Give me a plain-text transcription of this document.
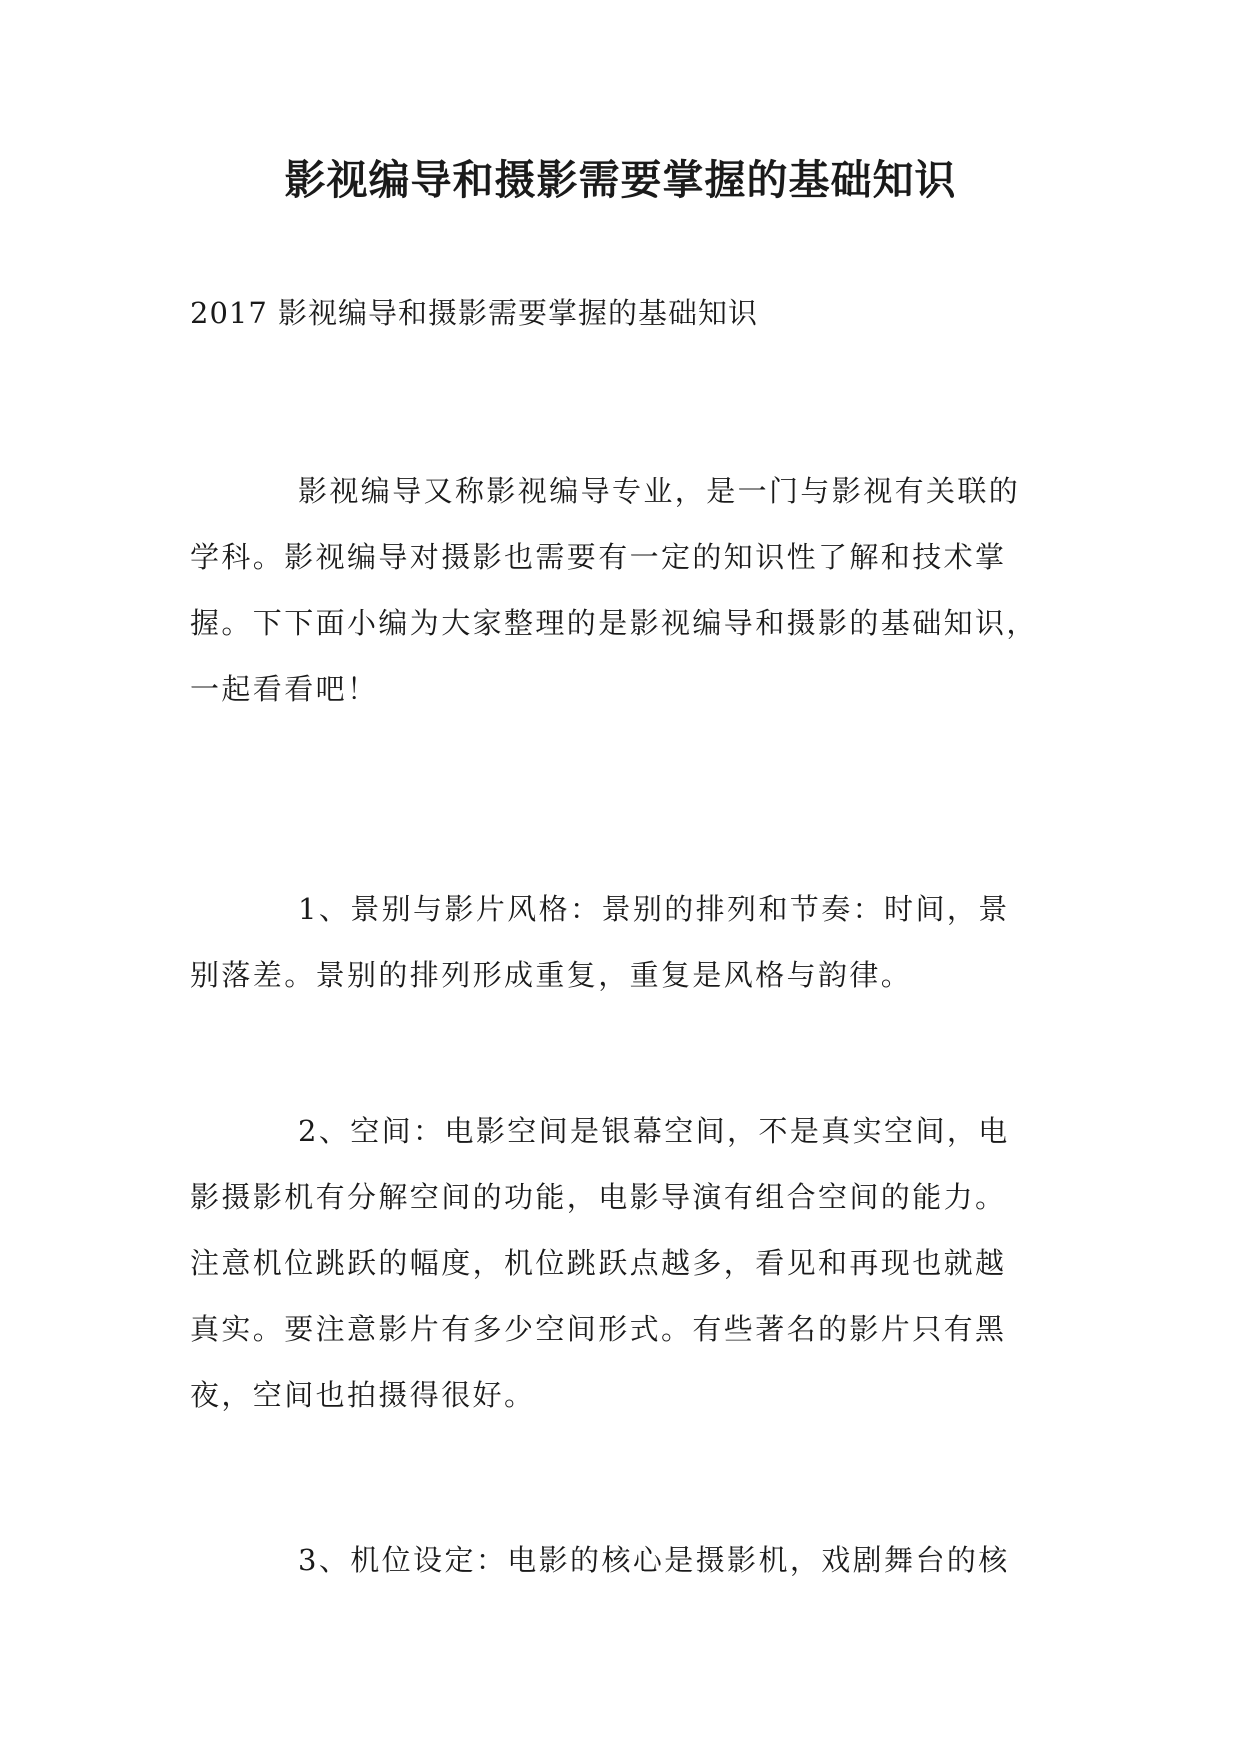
影视编导和摄影需要掌握的基础知识

2017 影视编导和摄影需要掌握的基础知识

影视编导又称影视编导专业，是一门与影视有关联的
学科。影视编导对摄影也需要有一定的知识性了解和技术掌
握。下下面小编为大家整理的是影视编导和摄影的基础知识，
一起看看吧！
1、景别与影片风格：景别的排列和节奏：时间，景
别落差。景别的排列形成重复，重复是风格与韵律。
2、空间：电影空间是银幕空间，不是真实空间，电
影摄影机有分解空间的功能，电影导演有组合空间的能力。
注意机位跳跃的幅度，机位跳跃点越多，看见和再现也就越
真实。要注意影片有多少空间形式。有些著名的影片只有黑
夜，空间也拍摄得很好。
3、机位设定：电影的核心是摄影机，戏剧舞台的核
